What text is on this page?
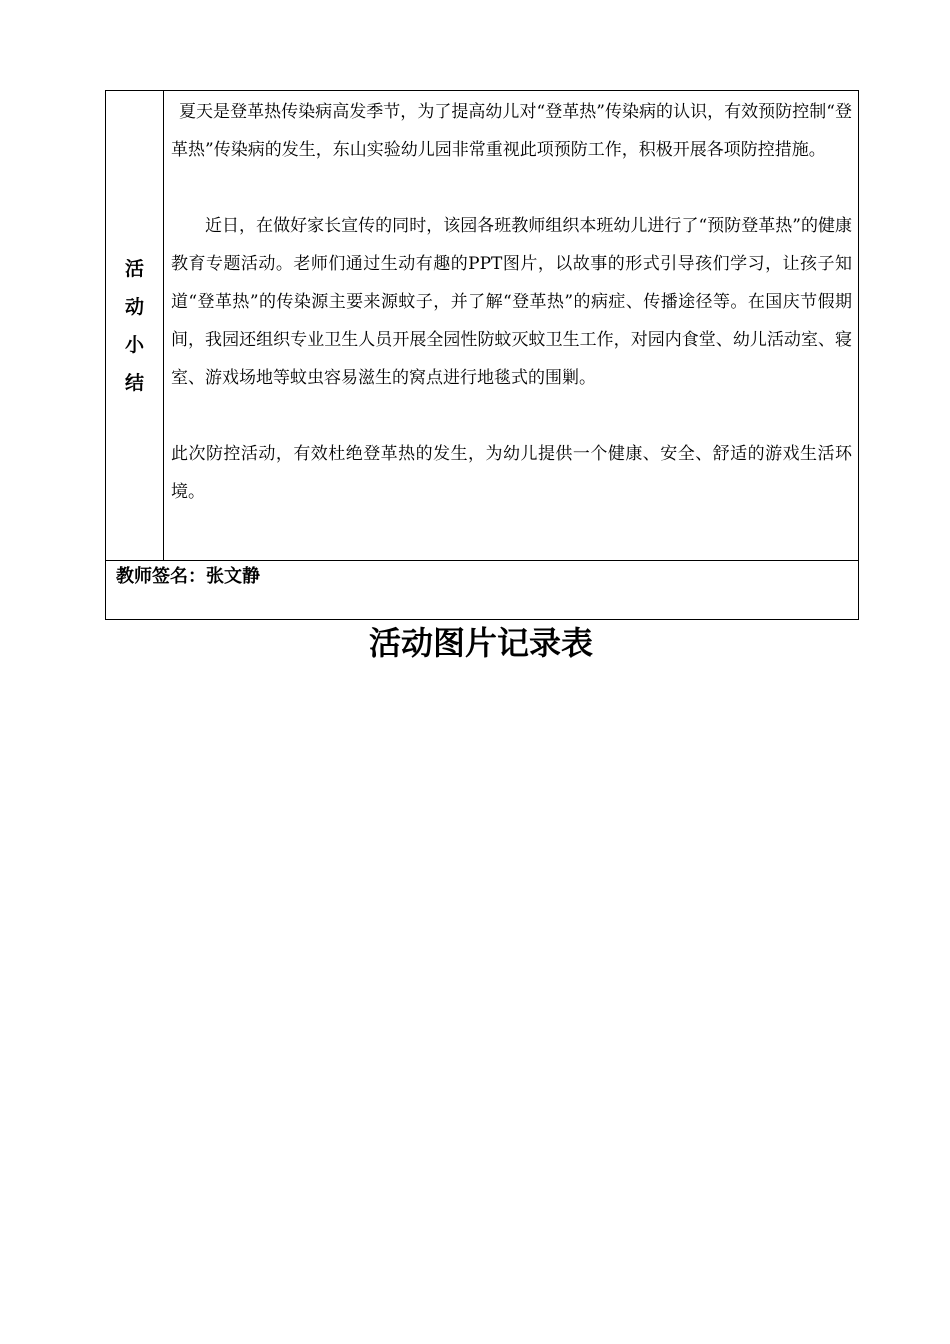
活
动
小
结

夏天是登革热传染病高发季节，为了提高幼儿对“登革热”传染病的认识，有效预防控制“登革热”传染病的发生，东山实验幼儿园非常重视此项预防工作，积极开展各项防控措施。

近日，在做好家长宣传的同时，该园各班教师组织本班幼儿进行了“预防登革热”的健康教育专题活动。老师们通过生动有趣的PPT图片，以故事的形式引导孩们学习，让孩子知道“登革热”的传染源主要来源蚊子，并了解“登革热”的病症、传播途径等。在国庆节假期间，我园还组织专业卫生人员开展全园性防蚊灭蚊卫生工作，对园内食堂、幼儿活动室、寝室、游戏场地等蚊虫容易滋生的窝点进行地毯式的围剿。

此次防控活动，有效杜绝登革热的发生，为幼儿提供一个健康、安全、舒适的游戏生活环境。

教师签名：张文静
活动图片记录表
